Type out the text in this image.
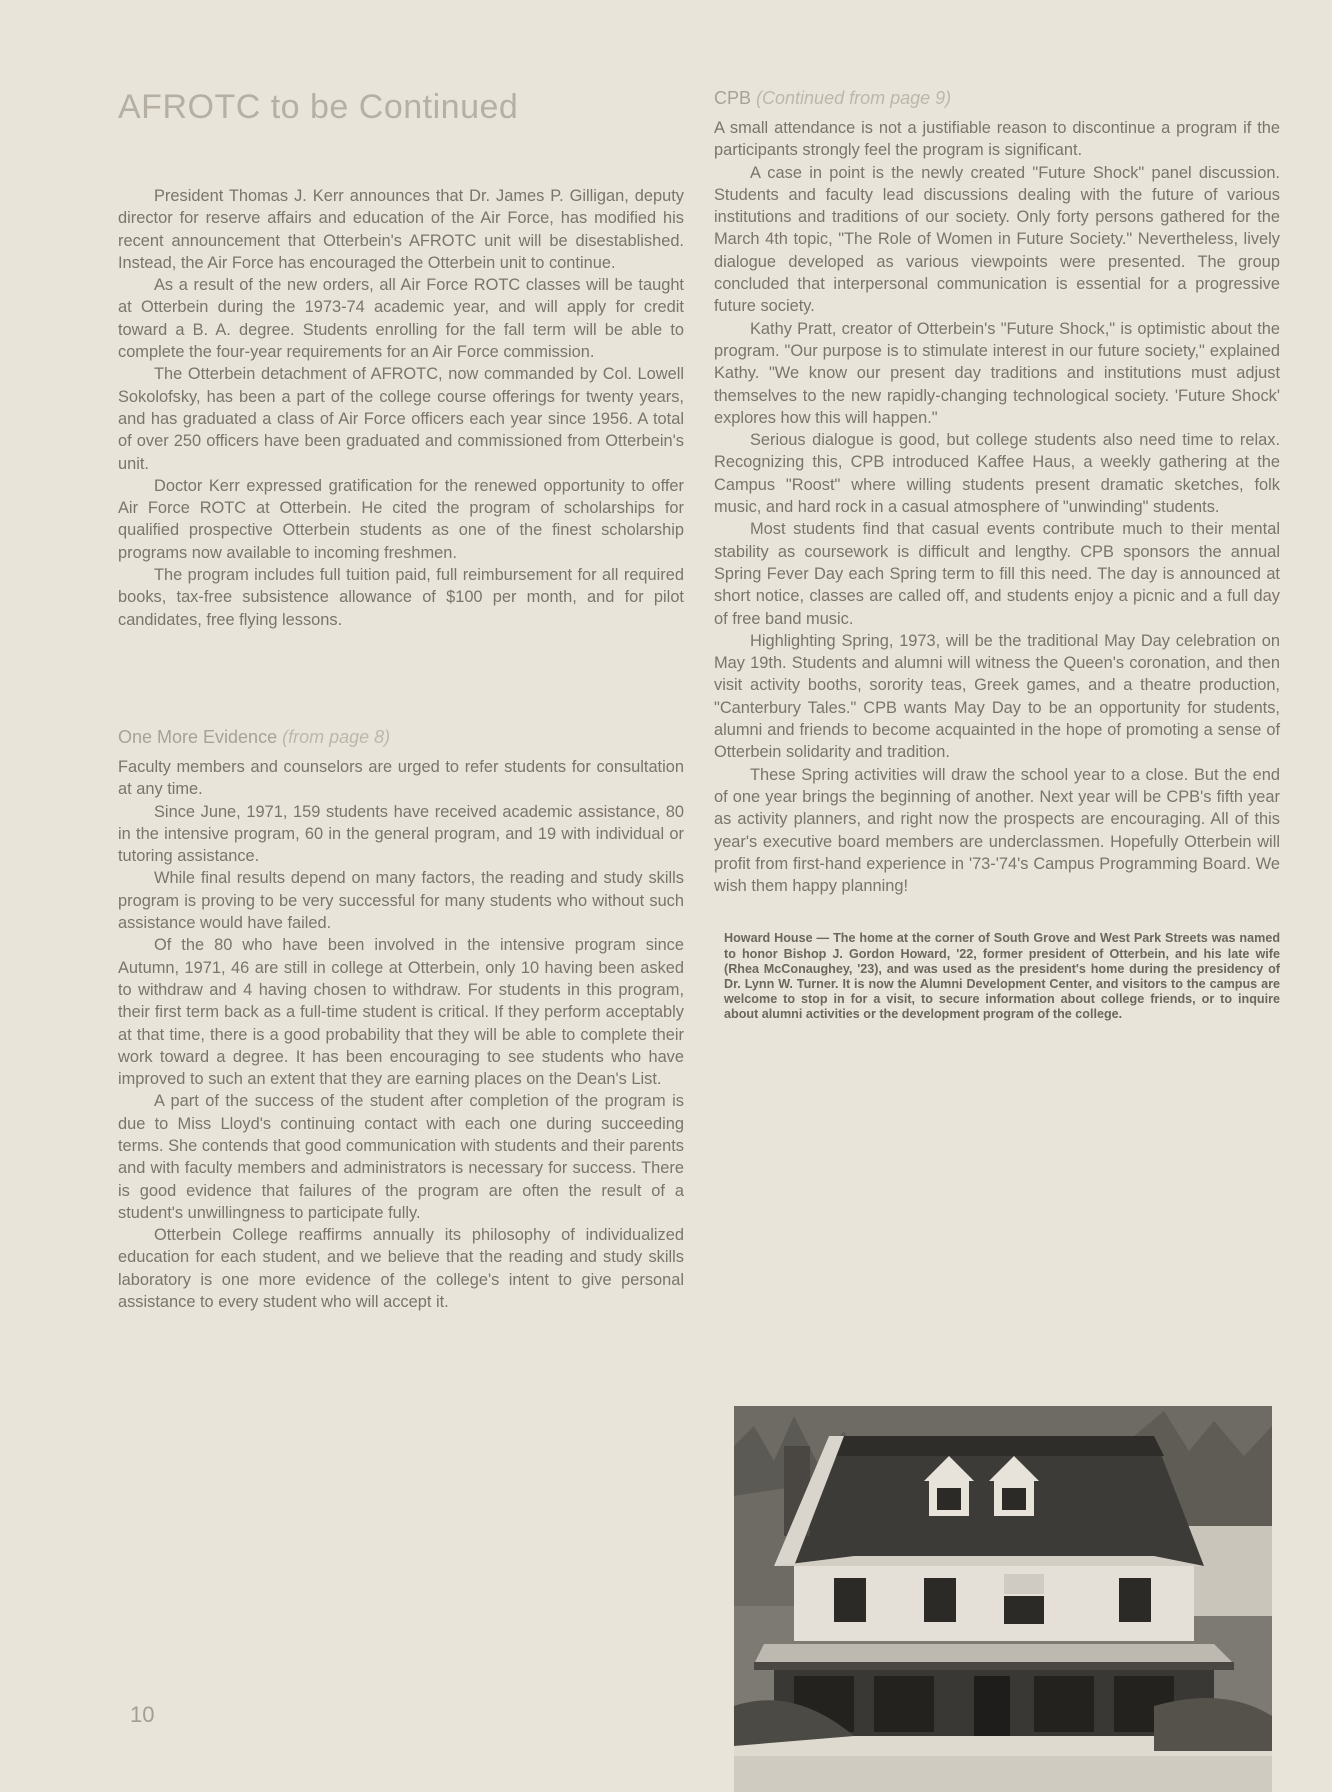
AFROTC to be Continued

President Thomas J. Kerr announces that Dr. James P. Gilligan, deputy director for reserve affairs and education of the Air Force, has modified his recent announcement that Otterbein's AFROTC unit will be disestablished. Instead, the Air Force has encouraged the Otterbein unit to continue.

As a result of the new orders, all Air Force ROTC classes will be taught at Otterbein during the 1973-74 academic year, and will apply for credit toward a B. A. degree. Students enrolling for the fall term will be able to complete the four-year requirements for an Air Force commission.

The Otterbein detachment of AFROTC, now commanded by Col. Lowell Sokolofsky, has been a part of the college course offerings for twenty years, and has graduated a class of Air Force officers each year since 1956. A total of over 250 officers have been graduated and commissioned from Otterbein's unit.

Doctor Kerr expressed gratification for the renewed opportunity to offer Air Force ROTC at Otterbein. He cited the program of scholarships for qualified prospective Otterbein students as one of the finest scholarship programs now available to incoming freshmen.

The program includes full tuition paid, full reimbursement for all required books, tax-free subsistence allowance of $100 per month, and for pilot candidates, free flying lessons.

One More Evidence (from page 8)

Faculty members and counselors are urged to refer students for consultation at any time.

Since June, 1971, 159 students have received academic assistance, 80 in the intensive program, 60 in the general program, and 19 with individual or tutoring assistance.

While final results depend on many factors, the reading and study skills program is proving to be very successful for many students who without such assistance would have failed.

Of the 80 who have been involved in the intensive program since Autumn, 1971, 46 are still in college at Otterbein, only 10 having been asked to withdraw and 4 having chosen to withdraw. For students in this program, their first term back as a full-time student is critical. If they perform acceptably at that time, there is a good probability that they will be able to complete their work toward a degree. It has been encouraging to see students who have improved to such an extent that they are earning places on the Dean's List.

A part of the success of the student after completion of the program is due to Miss Lloyd's continuing contact with each one during succeeding terms. She contends that good communication with students and their parents and with faculty members and administrators is necessary for success. There is good evidence that failures of the program are often the result of a student's unwillingness to participate fully.

Otterbein College reaffirms annually its philosophy of individualized education for each student, and we believe that the reading and study skills laboratory is one more evidence of the college's intent to give personal assistance to every student who will accept it.

CPB (Continued from page 9)

A small attendance is not a justifiable reason to discontinue a program if the participants strongly feel the program is significant.

A case in point is the newly created "Future Shock" panel discussion. Students and faculty lead discussions dealing with the future of various institutions and traditions of our society. Only forty persons gathered for the March 4th topic, "The Role of Women in Future Society." Nevertheless, lively dialogue developed as various viewpoints were presented. The group concluded that interpersonal communication is essential for a progressive future society.

Kathy Pratt, creator of Otterbein's "Future Shock," is optimistic about the program. "Our purpose is to stimulate interest in our future society," explained Kathy. "We know our present day traditions and institutions must adjust themselves to the new rapidly-changing technological society. 'Future Shock' explores how this will happen."

Serious dialogue is good, but college students also need time to relax. Recognizing this, CPB introduced Kaffee Haus, a weekly gathering at the Campus "Roost" where willing students present dramatic sketches, folk music, and hard rock in a casual atmosphere of "unwinding" students.

Most students find that casual events contribute much to their mental stability as coursework is difficult and lengthy. CPB sponsors the annual Spring Fever Day each Spring term to fill this need. The day is announced at short notice, classes are called off, and students enjoy a picnic and a full day of free band music.

Highlighting Spring, 1973, will be the traditional May Day celebration on May 19th. Students and alumni will witness the Queen's coronation, and then visit activity booths, sorority teas, Greek games, and a theatre production, "Canterbury Tales." CPB wants May Day to be an opportunity for students, alumni and friends to become acquainted in the hope of promoting a sense of Otterbein solidarity and tradition.

These Spring activities will draw the school year to a close. But the end of one year brings the beginning of another. Next year will be CPB's fifth year as activity planners, and right now the prospects are encouraging. All of this year's executive board members are underclassmen. Hopefully Otterbein will profit from first-hand experience in '73-'74's Campus Programming Board. We wish them happy planning!

Howard House — The home at the corner of South Grove and West Park Streets was named to honor Bishop J. Gordon Howard, '22, former president of Otterbein, and his late wife (Rhea McConaughey, '23), and was used as the president's home during the presidency of Dr. Lynn W. Turner. It is now the Alumni Development Center, and visitors to the campus are welcome to stop in for a visit, to secure information about college friends, or to inquire about alumni activities or the development program of the college.

10
